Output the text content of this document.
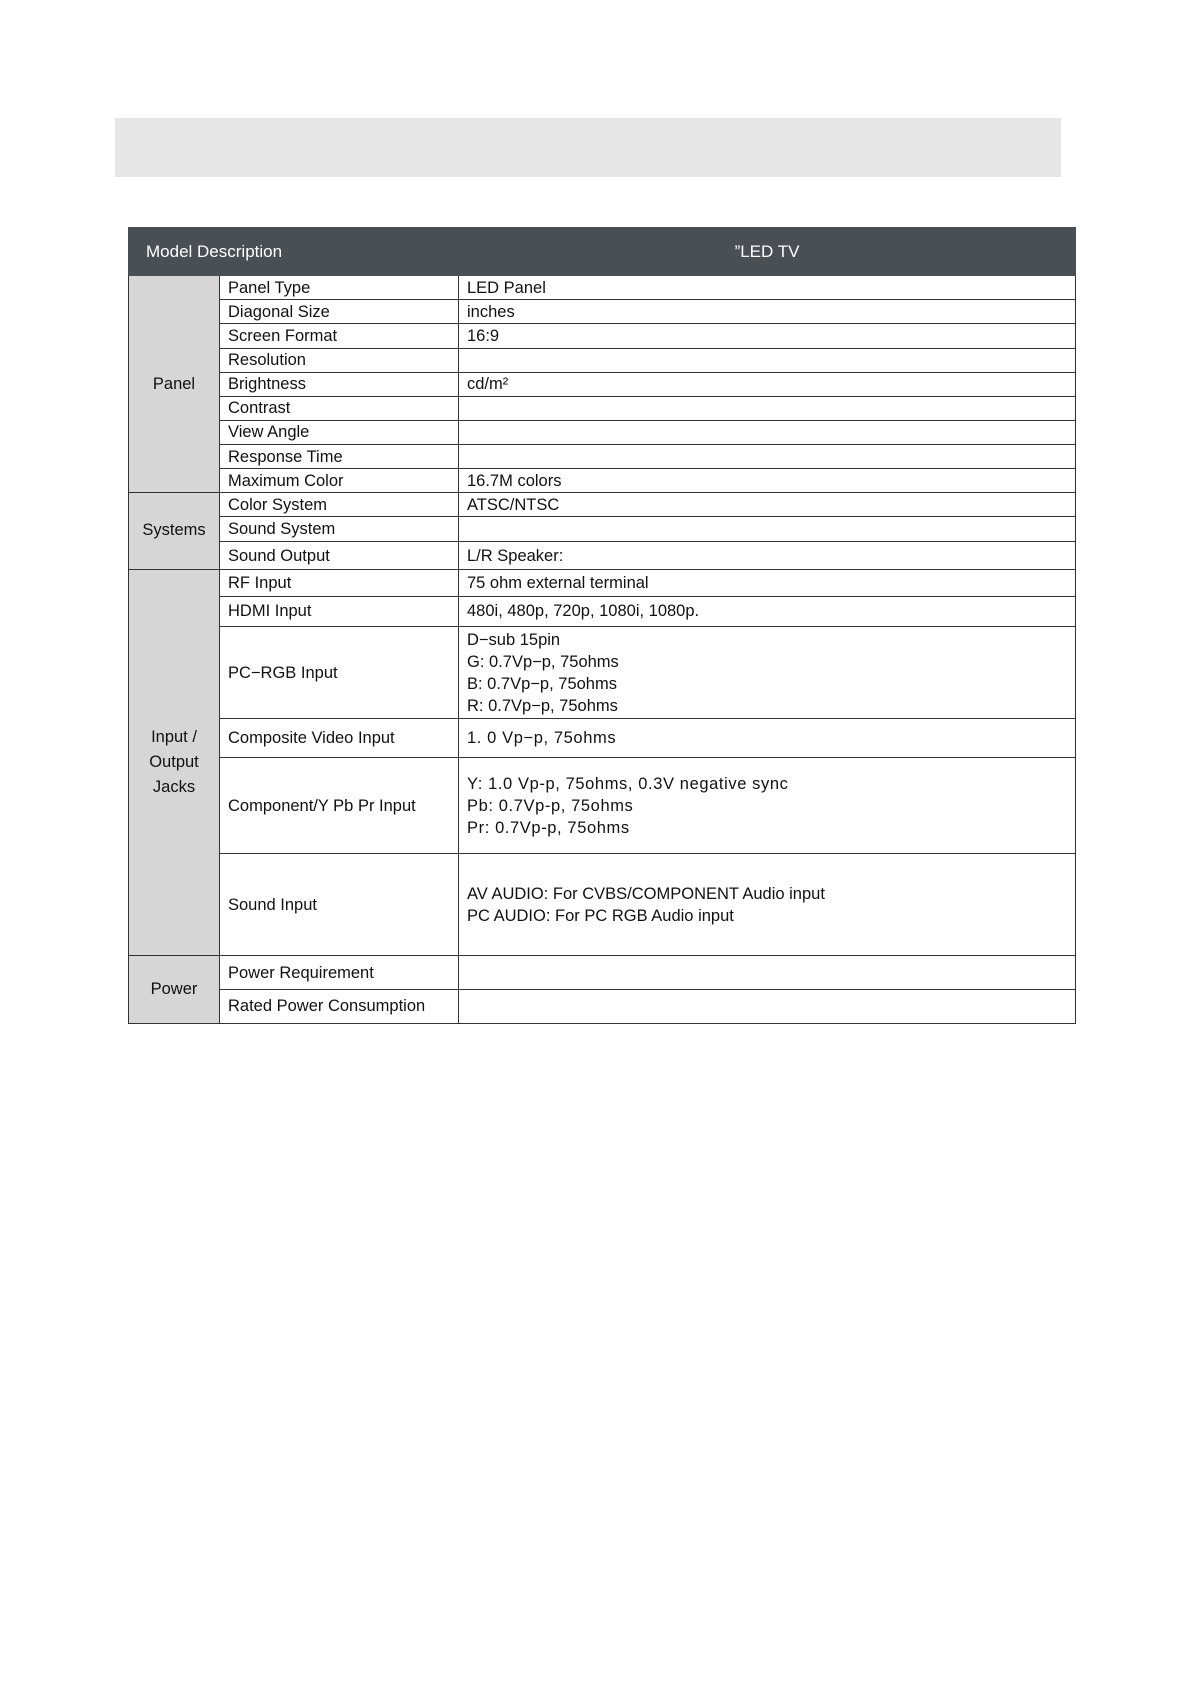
Model Description		”LED TV
Panel	Panel Type	LED Panel
	Diagonal Size	inches
	Screen Format	16:9
	Resolution	
	Brightness	cd/m²
	Contrast	
	View Angle	
	Response Time	
	Maximum Color	16.7M colors
Systems	Color System	ATSC/NTSC
	Sound System	
	Sound Output	L/R Speaker:
Input /
Output
Jacks	RF Input	75 ohm external terminal
	HDMI Input	480i, 480p, 720p, 1080i, 1080p.
	PC−RGB Input	D−sub 15pin
G: 0.7Vp−p, 75ohms
B: 0.7Vp−p, 75ohms
R: 0.7Vp−p, 75ohms
	Composite Video Input	1. 0 Vp−p, 75ohms
	Component/Y Pb Pr Input	Y: 1.0 Vp-p, 75ohms, 0.3V negative sync
Pb: 0.7Vp-p, 75ohms
Pr: 0.7Vp-p, 75ohms
	Sound Input	AV AUDIO: For CVBS/COMPONENT Audio input
PC AUDIO: For PC RGB Audio input
Power	Power Requirement	
	Rated Power Consumption	
